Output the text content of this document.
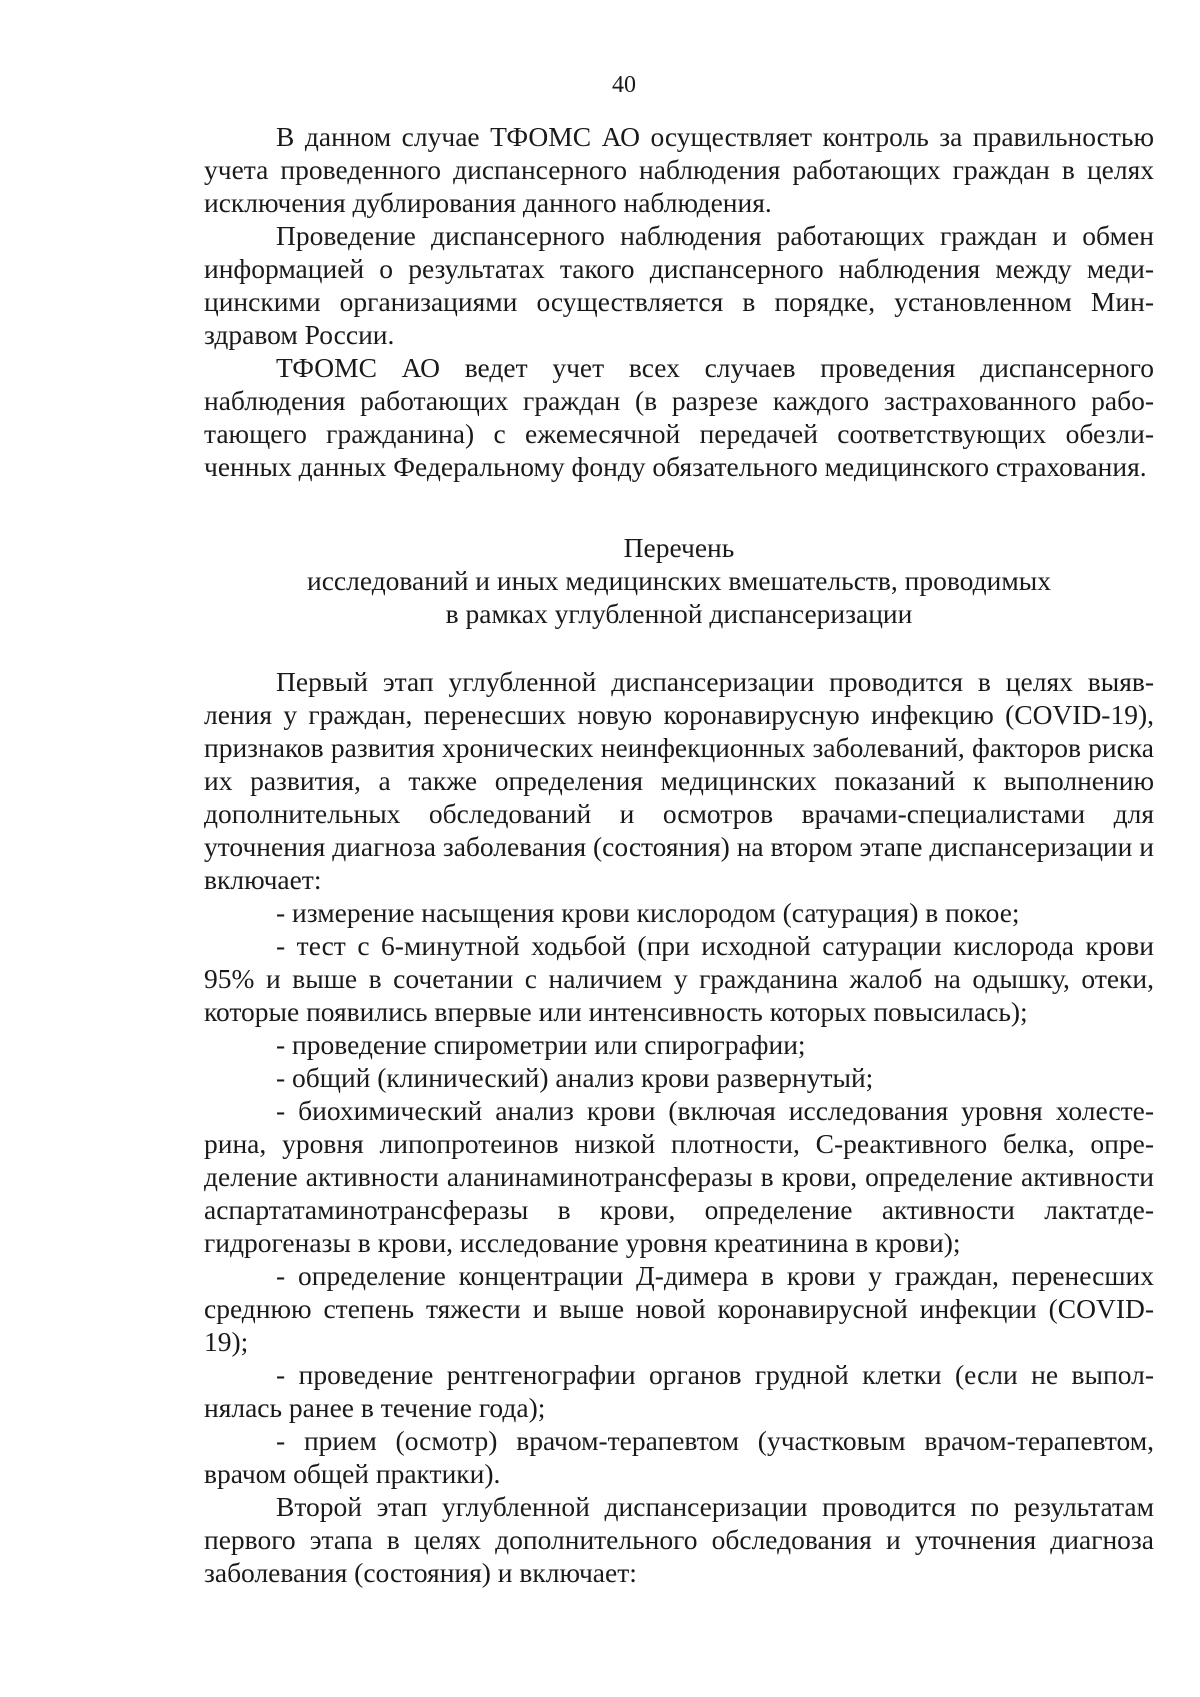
40

В данном случае ТФОМС АО осуществляет контроль за правильностью учета проведенного диспансерного наблюдения работающих граждан в целях исключения дублирования данного наблюдения.

Проведение диспансерного наблюдения работающих граждан и обмен информацией о результатах такого диспансерного наблюдения между медицинскими организациями осуществляется в порядке, установленном Минздравом России.

ТФОМС АО ведет учет всех случаев проведения диспансерного наблюдения работающих граждан (в разрезе каждого застрахованного работающего гражданина) с ежемесячной передачей соответствующих обезличенных данных Федеральному фонду обязательного медицинского страхования.

Перечень
исследований и иных медицинских вмешательств, проводимых
в рамках углубленной диспансеризации

Первый этап углубленной диспансеризации проводится в целях выявления у граждан, перенесших новую коронавирусную инфекцию (COVID-19), признаков развития хронических неинфекционных заболеваний, факторов риска их развития, а также определения медицинских показаний к выполнению дополнительных обследований и осмотров врачами-специалистами для уточнения диагноза заболевания (состояния) на втором этапе диспансеризации и включает:

- измерение насыщения крови кислородом (сатурация) в покое;

- тест с 6-минутной ходьбой (при исходной сатурации кислорода крови 95% и выше в сочетании с наличием у гражданина жалоб на одышку, отеки, которые появились впервые или интенсивность которых повысилась);

- проведение спирометрии или спирографии;

- общий (клинический) анализ крови развернутый;

- биохимический анализ крови (включая исследования уровня холестерина, уровня липопротеинов низкой плотности, С-реактивного белка, определение активности аланинаминотрансферазы в крови, определение активности аспартатаминотрансферазы в крови, определение активности лактатдегидрогеназы в крови, исследование уровня креатинина в крови);

- определение концентрации Д-димера в крови у граждан, перенесших среднюю степень тяжести и выше новой коронавирусной инфекции (COVID-19);

- проведение рентгенографии органов грудной клетки (если не выполнялась ранее в течение года);

- прием (осмотр) врачом-терапевтом (участковым врачом-терапевтом, врачом общей практики).

Второй этап углубленной диспансеризации проводится по результатам первого этапа в целях дополнительного обследования и уточнения диагноза заболевания (состояния) и включает:
